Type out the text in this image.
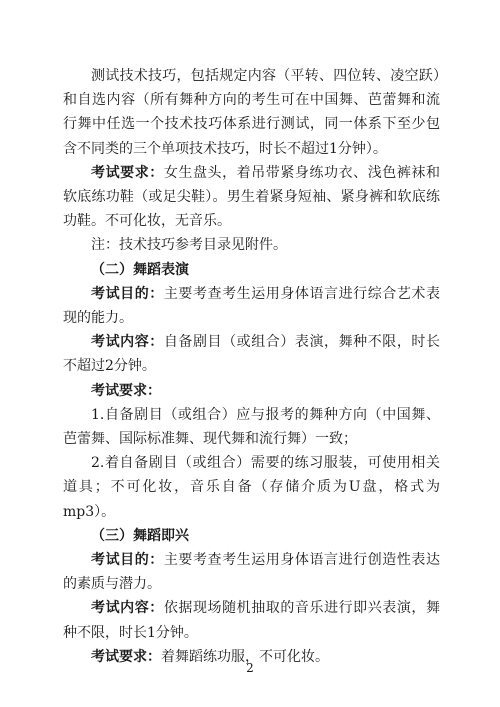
测试技术技巧，包括规定内容（平转、四位转、凌空跃）和自选内容（所有舞种方向的考生可在中国舞、芭蕾舞和流行舞中任选一个技术技巧体系进行测试，同一体系下至少包含不同类的三个单项技术技巧，时长不超过1分钟）。

考试要求：女生盘头，着吊带紧身练功衣、浅色裤袜和软底练功鞋（或足尖鞋）。男生着紧身短袖、紧身裤和软底练功鞋。不可化妆，无音乐。

注：技术技巧参考目录见附件。

（二）舞蹈表演

考试目的：主要考查考生运用身体语言进行综合艺术表现的能力。

考试内容：自备剧目（或组合）表演，舞种不限，时长不超过2分钟。

考试要求：

1.自备剧目（或组合）应与报考的舞种方向（中国舞、芭蕾舞、国际标准舞、现代舞和流行舞）一致；

2.着自备剧目（或组合）需要的练习服装，可使用相关道具；不可化妆，音乐自备（存储介质为U盘，格式为mp3）。

（三）舞蹈即兴

考试目的：主要考查考生运用身体语言进行创造性表达的素质与潜力。

考试内容：依据现场随机抽取的音乐进行即兴表演，舞种不限，时长1分钟。

考试要求：着舞蹈练功服，不可化妆。

2
